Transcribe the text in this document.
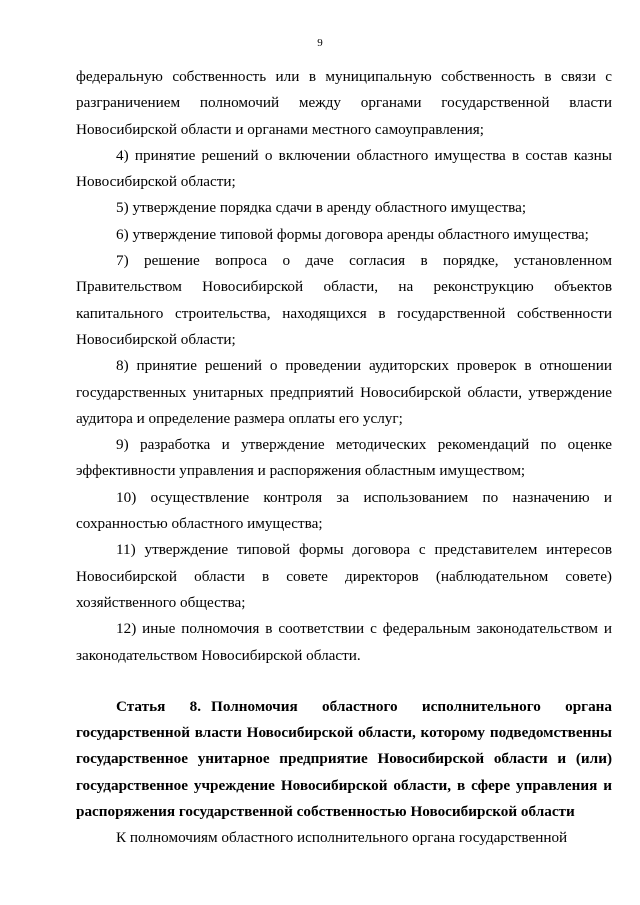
9

федеральную собственность или в муниципальную собственность в связи с разграничением полномочий между органами государственной власти Новосибирской области и органами местного самоуправления;

4) принятие решений о включении областного имущества в состав казны Новосибирской области;

5) утверждение порядка сдачи в аренду областного имущества;

6) утверждение типовой формы договора аренды областного имущества;

7) решение вопроса о даче согласия в порядке, установленном Правительством Новосибирской области, на реконструкцию объектов капитального строительства, находящихся в государственной собственности Новосибирской области;

8) принятие решений о проведении аудиторских проверок в отношении государственных унитарных предприятий Новосибирской области, утверждение аудитора и определение размера оплаты его услуг;

9) разработка и утверждение методических рекомендаций по оценке эффективности управления и распоряжения областным имуществом;

10) осуществление контроля за использованием по назначению и сохранностью областного имущества;

11) утверждение типовой формы договора с представителем интересов Новосибирской области в совете директоров (наблюдательном совете) хозяйственного общества;

12) иные полномочия в соответствии с федеральным законодательством и законодательством Новосибирской области.

Статья 8. Полномочия областного исполнительного органа государственной власти Новосибирской области, которому подведомственны государственное унитарное предприятие Новосибирской области и (или) государственное учреждение Новосибирской области, в сфере управления и распоряжения государственной собственностью Новосибирской области

К полномочиям областного исполнительного органа государственной
